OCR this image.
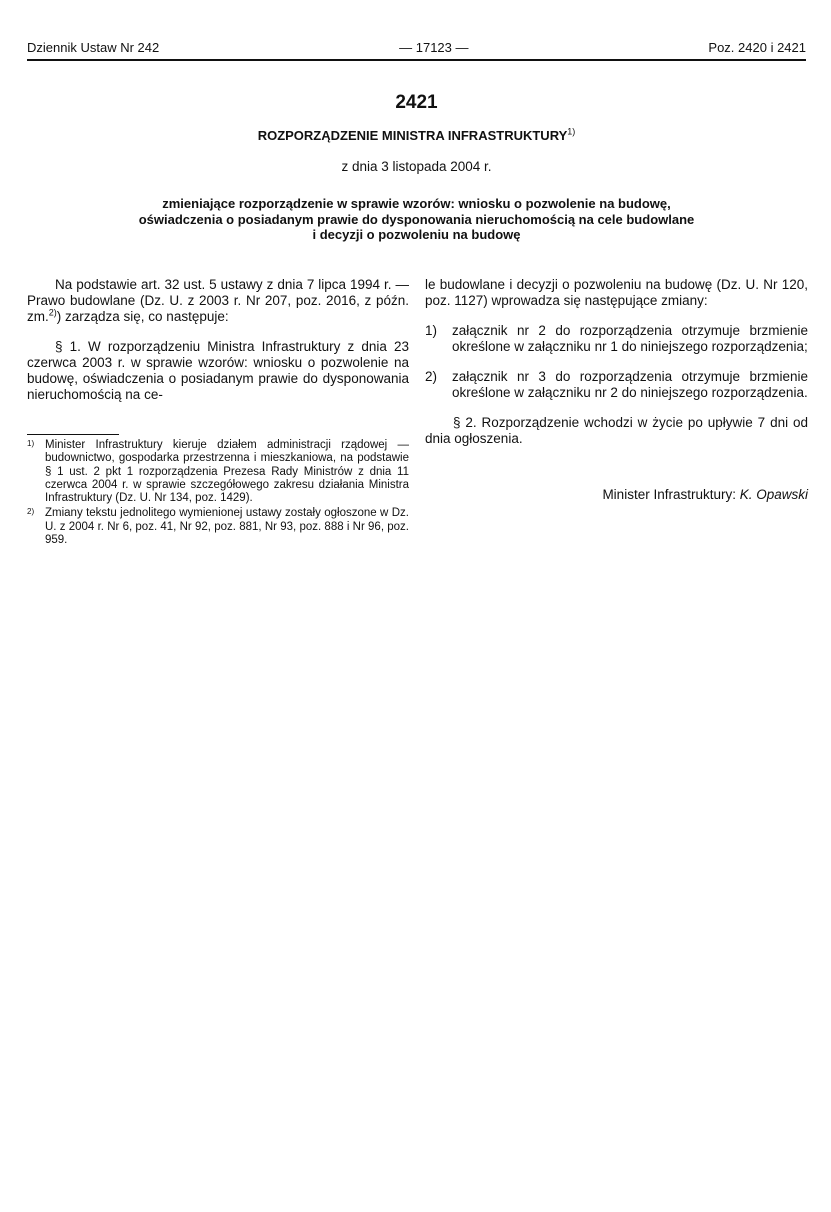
Dziennik Ustaw Nr 242	— 17123 —	Poz. 2420 i 2421
2421
ROZPORZĄDZENIE MINISTRA INFRASTRUKTURY$^{1)}$
z dnia 3 listopada 2004 r.
zmieniające rozporządzenie w sprawie wzorów: wniosku o pozwolenie na budowę,
oświadczenia o posiadanym prawie do dysponowania nieruchomością na cele budowlane
i decyzji o pozwoleniu na budowę

Na podstawie art. 32 ust. 5 ustawy z dnia 7 lipca 1994 r. — Prawo budowlane (Dz. U. z 2003 r. Nr 207, poz. 2016, z późn. zm.$^{2)}$) zarządza się, co następuje:

§ 1. W rozporządzeniu Ministra Infrastruktury z dnia 23 czerwca 2003 r. w sprawie wzorów: wniosku o pozwolenie na budowę, oświadczenia o posiadanym prawie do dysponowania nieruchomością na ce-

1) Minister Infrastruktury kieruje działem administracji rządowej — budownictwo, gospodarka przestrzenna i mieszkaniowa, na podstawie § 1 ust. 2 pkt 1 rozporządzenia Prezesa Rady Ministrów z dnia 11 czerwca 2004 r. w sprawie szczegółowego zakresu działania Ministra Infrastruktury (Dz. U. Nr 134, poz. 1429).
2) Zmiany tekstu jednolitego wymienionej ustawy zostały ogłoszone w Dz. U. z 2004 r. Nr 6, poz. 41, Nr 92, poz. 881, Nr 93, poz. 888 i Nr 96, poz. 959.

le budowlane i decyzji o pozwoleniu na budowę (Dz. U. Nr 120, poz. 1127) wprowadza się następujące zmiany:

1)	załącznik nr 2 do rozporządzenia otrzymuje brzmienie określone w załączniku nr 1 do niniejszego rozporządzenia;
2)	załącznik nr 3 do rozporządzenia otrzymuje brzmienie określone w załączniku nr 2 do niniejszego rozporządzenia.

§ 2. Rozporządzenie wchodzi w życie po upływie 7 dni od dnia ogłoszenia.

Minister Infrastruktury: K. Opawski
